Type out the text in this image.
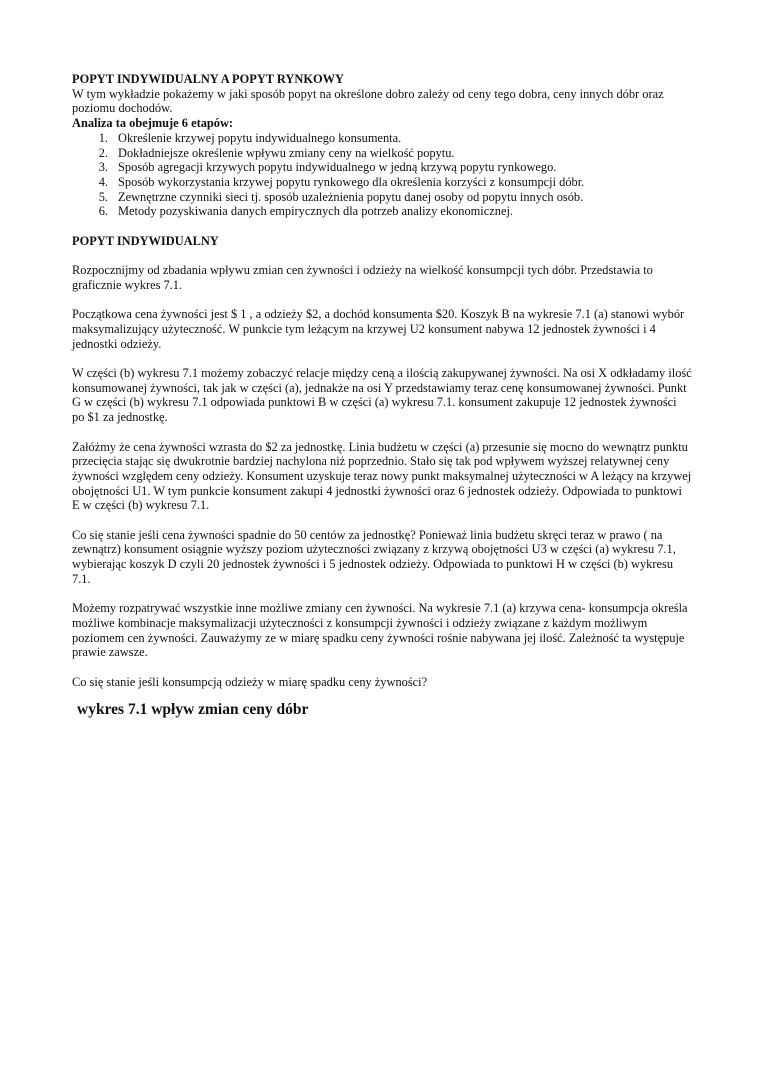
POPYT INDYWIDUALNY A POPYT RYNKOWY

W tym wykładzie pokażemy w jaki sposób popyt na określone dobro zależy od ceny tego dobra, ceny innych dóbr oraz poziomu dochodów.

Analiza ta obejmuje 6 etapów:

1. Określenie krzywej popytu indywidualnego konsumenta.
2. Dokładniejsze określenie wpływu zmiany ceny na wielkość popytu.
3. Sposób agregacji krzywych popytu indywidualnego w jedną krzywą popytu rynkowego.
4. Sposób wykorzystania krzywej popytu rynkowego dla określenia korzyści z konsumpcji dóbr.
5. Zewnętrzne czynniki sieci tj. sposób uzależnienia popytu danej osoby od popytu innych osób.
6. Metody pozyskiwania danych empirycznych dla potrzeb analizy ekonomicznej.

POPYT INDYWIDUALNY

Rozpocznijmy od zbadania wpływu zmian cen żywności i odzieży na wielkość konsumpcji tych dóbr. Przedstawia to graficznie wykres 7.1.

Początkowa cena żywności jest $ 1 , a odzieży $2, a dochód konsumenta $20. Koszyk B na wykresie 7.1 (a) stanowi wybór maksymalizujący użyteczność. W punkcie tym leżącym na krzywej U2 konsument nabywa 12 jednostek żywności i 4 jednostki odzieży.

W części (b) wykresu 7.1 możemy zobaczyć relacje między ceną a ilością zakupywanej żywności. Na osi X odkładamy ilość konsumowanej żywności, tak jak w części (a), jednakże na osi Y przedstawiamy teraz cenę konsumowanej żywności. Punkt G w części (b) wykresu 7.1 odpowiada punktowi B w części (a) wykresu 7.1. konsument zakupuje 12 jednostek żywności po $1 za jednostkę.

Załóżmy że cena żywności wzrasta do $2 za jednostkę. Linia budżetu w części (a) przesunie się mocno do wewnątrz punktu przecięcia stając się dwukrotnie bardziej nachylona niż poprzednio. Stało się tak pod wpływem wyższej relatywnej ceny żywności względem ceny odzieży. Konsument uzyskuje teraz nowy punkt maksymalnej użyteczności w A leżący na krzywej obojętności U1. W tym punkcie konsument zakupi 4 jednostki żywności oraz 6 jednostek odzieży. Odpowiada to punktowi E w części (b) wykresu 7.1.

Co się stanie jeśli cena żywności spadnie do 50 centów za jednostkę? Ponieważ linia budżetu skręci teraz w prawo ( na zewnątrz) konsument osiągnie wyższy poziom użyteczności związany z krzywą obojętności U3 w części (a) wykresu 7.1, wybierając koszyk D czyli 20 jednostek żywności i 5 jednostek odzieży. Odpowiada to punktowi H w części (b) wykresu 7.1.

Możemy rozpatrywać wszystkie inne możliwe zmiany cen żywności. Na wykresie 7.1 (a) krzywa cena- konsumpcja określa możliwe kombinacje maksymalizacji użyteczności z konsumpcji żywności i odzieży związane z każdym możliwym poziomem cen żywności. Zauważymy ze w miarę spadku ceny żywności rośnie nabywana jej ilość. Zależność ta występuje prawie zawsze.

Co się stanie jeśli konsumpcją odzieży w miarę spadku ceny żywności?

wykres 7.1 wpływ zmian ceny dóbr
